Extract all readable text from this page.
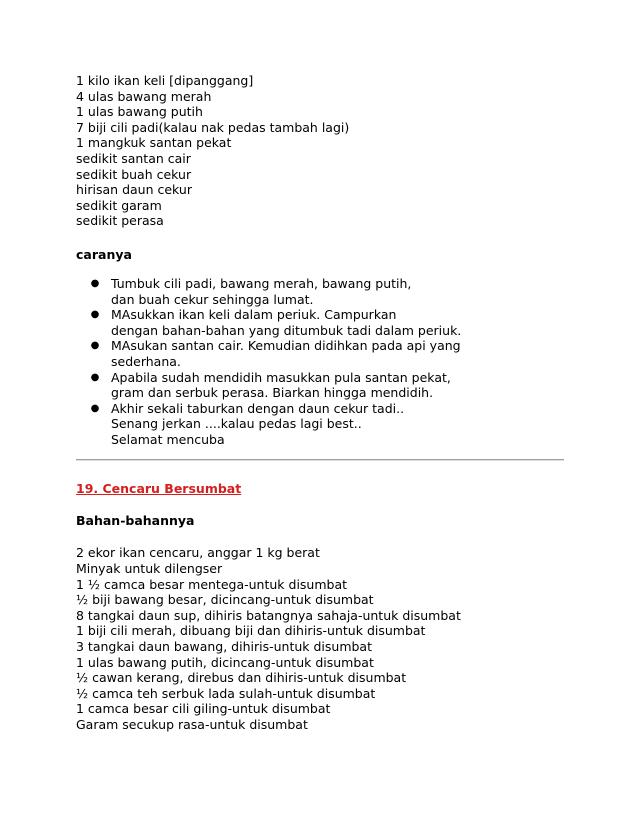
1 kilo ikan keli [dipanggang]
4 ulas bawang merah
1 ulas bawang putih
7 biji cili padi(kalau nak pedas tambah lagi)
1 mangkuk santan pekat
sedikit santan cair
sedikit buah cekur
hirisan daun cekur
sedikit garam
sedikit perasa
caranya
● Tumbuk cili padi, bawang merah, bawang putih,
dan buah cekur sehingga lumat.
● MAsukkan ikan keli dalam periuk. Campurkan
dengan bahan-bahan yang ditumbuk tadi dalam periuk.
● MAsukan santan cair. Kemudian didihkan pada api yang
sederhana.
● Apabila sudah mendidih masukkan pula santan pekat,
gram dan serbuk perasa. Biarkan hingga mendidih.
● Akhir sekali taburkan dengan daun cekur tadi..
Senang jerkan ....kalau pedas lagi best..
Selamat mencuba
19. Cencaru Bersumbat
Bahan-bahannya
2 ekor ikan cencaru, anggar 1 kg berat
Minyak untuk dilengser
1 ½ camca besar mentega-untuk disumbat
½ biji bawang besar, dicincang-untuk disumbat
8 tangkai daun sup, dihiris batangnya sahaja-untuk disumbat
1 biji cili merah, dibuang biji dan dihiris-untuk disumbat
3 tangkai daun bawang, dihiris-untuk disumbat
1 ulas bawang putih, dicincang-untuk disumbat
½ cawan kerang, direbus dan dihiris-untuk disumbat
½ camca teh serbuk lada sulah-untuk disumbat
1 camca besar cili giling-untuk disumbat
Garam secukup rasa-untuk disumbat
